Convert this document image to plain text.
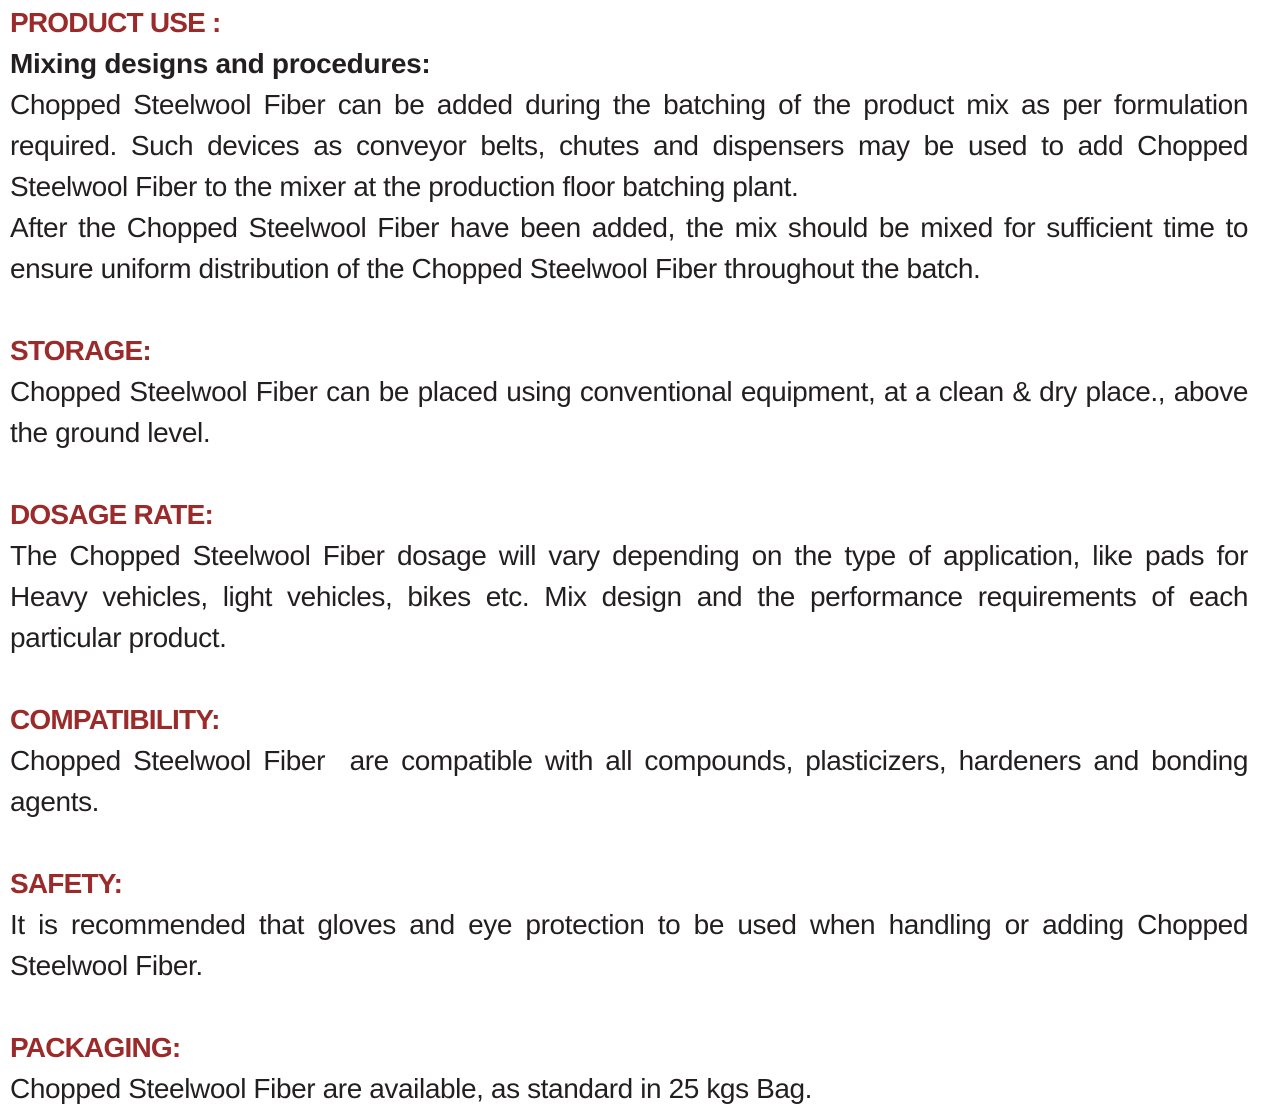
PRODUCT USE :
Mixing designs and procedures:

Chopped Steelwool Fiber can be added during the batching of the product mix as per formulation required. Such devices as conveyor belts, chutes and dispensers may be used to add Chopped Steelwool Fiber to the mixer at the production floor batching plant.

After the Chopped Steelwool Fiber have been added, the mix should be mixed for sufficient time to ensure uniform distribution of the Chopped Steelwool Fiber throughout the batch.

STORAGE:

Chopped Steelwool Fiber can be placed using conventional equipment, at a clean & dry place., above the ground level.

DOSAGE RATE:

The Chopped Steelwool Fiber dosage will vary depending on the type of application, like pads for Heavy vehicles, light vehicles, bikes etc. Mix design and the performance requirements of each particular product.

COMPATIBILITY:

Chopped Steelwool Fiber  are compatible with all compounds, plasticizers, hardeners and bonding agents.

SAFETY:

It is recommended that gloves and eye protection to be used when handling or adding Chopped Steelwool Fiber.

PACKAGING:

Chopped Steelwool Fiber are available, as standard in 25 kgs Bag.
